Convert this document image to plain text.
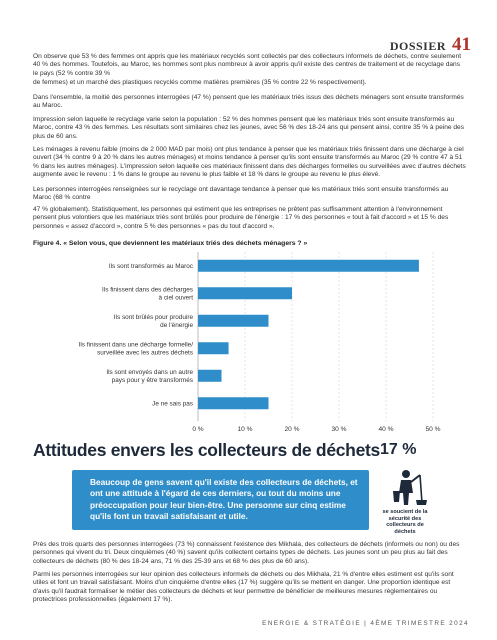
DOSSIER 41

On observe que 53 % des femmes ont appris que les matériaux recyclés sont collectés par des collecteurs informels de déchets, contre seulement 40 % des hommes. Toutefois, au Maroc, les hommes sont plus nombreux à avoir appris qu'il existe des centres de traitement et de recyclage dans le pays (52 % contre 39 %

de femmes) et un marché des plastiques recyclés comme matières premières (35 % contre 22 % respectivement).

Dans l'ensemble, la moitié des personnes interrogées (47 %) pensent que les matériaux triés issus des déchets ménagers sont ensuite transformés au Maroc.

Impression selon laquelle le recyclage varie selon la population : 52 % des hommes pensent que les matériaux triés sont ensuite transformés au Maroc, contre 43 % des femmes. Les résultats sont similaires chez les jeunes, avec 56 % des 18-24 ans qui pensent ainsi, contre 35 % à peine des plus de 60 ans.

Les ménages à revenu faible (moins de 2 000 MAD par mois) ont plus tendance à penser que les matériaux triés finissent dans une décharge à ciel ouvert (34 % contre 9 à 20 % dans les autres ménages) et moins tendance à penser qu'ils sont ensuite transformés au Maroc (29 % contre 47 à 51 % dans les autres ménages). L'impression selon laquelle ces matériaux finissent dans des décharges formelles ou surveillées avec d'autres déchets augmente avec le revenu : 1 % dans le groupe au revenu le plus faible et 18 % dans le groupe au revenu le plus élevé.

Les personnes interrogées renseignées sur le recyclage ont davantage tendance à penser que les matériaux triés sont ensuite transformés au Maroc (68 % contre

47 % globalement). Statistiquement, les personnes qui estiment que les entreprises ne prêtent pas suffisamment attention à l'environnement pensent plus volontiers que les matériaux triés sont brûlés pour produire de l'énergie : 17 % des personnes « tout à fait d'accord » et 15 % des personnes « assez d'accord », contre 5 % des personnes « pas du tout d'accord ».

Figure 4. « Selon vous, que deviennent les matériaux triés des déchets ménagers ? »
0 %	10 %	20 %	30 %	40 %	50 %
Ils sont transformés au Maroc
Ils finissent dans des décharges
à ciel ouvert
Ils sont brûlés pour produire
de l'énergie
Ils finissent dans une décharge formelle/
surveillée avec les autres déchets
Ils sont envoyés dans un autre
pays pour y être transformés
Je ne sais pas
Attitudes envers les collecteurs de déchets
Beaucoup de gens savent qu'il existe des collecteurs de déchets, et ont une attitude à l'égard de ces derniers, ou tout du moins une préoccupation pour leur bien-être. Une personne sur cinq estime qu'ils font un travail satisfaisant et utile.
17 %
se soucient de la sécurité des collecteurs de déchets

Près des trois quarts des personnes interrogées (73 %) connaissent l'existence des Mikhala, des collecteurs de déchets (informels ou non) ou des personnes qui vivent du tri. Deux cinquièmes (40 %) savent qu'ils collectent certains types de déchets. Les jeunes sont un peu plus au fait des collecteurs de déchets (80 % des 18-24 ans, 71 % des 25-39 ans et 68 % des plus de 60 ans).

Parmi les personnes interrogées sur leur opinion des collecteurs informels de déchets ou des Mikhala, 21 % d'entre elles estiment est qu'ils sont utiles et font un travail satisfaisant. Moins d'un cinquième d'entre elles (17 %) suggère qu'ils se mettent en danger. Une proportion identique est d'avis qu'il faudrait formaliser le métier des collecteurs de déchets et leur permettre de bénéficier de meilleures mesures réglementaires ou protectrices professionnelles (également 17 %).

ENERGIE & STRATÉGIE | 4ÈME TRIMESTRE 2024
